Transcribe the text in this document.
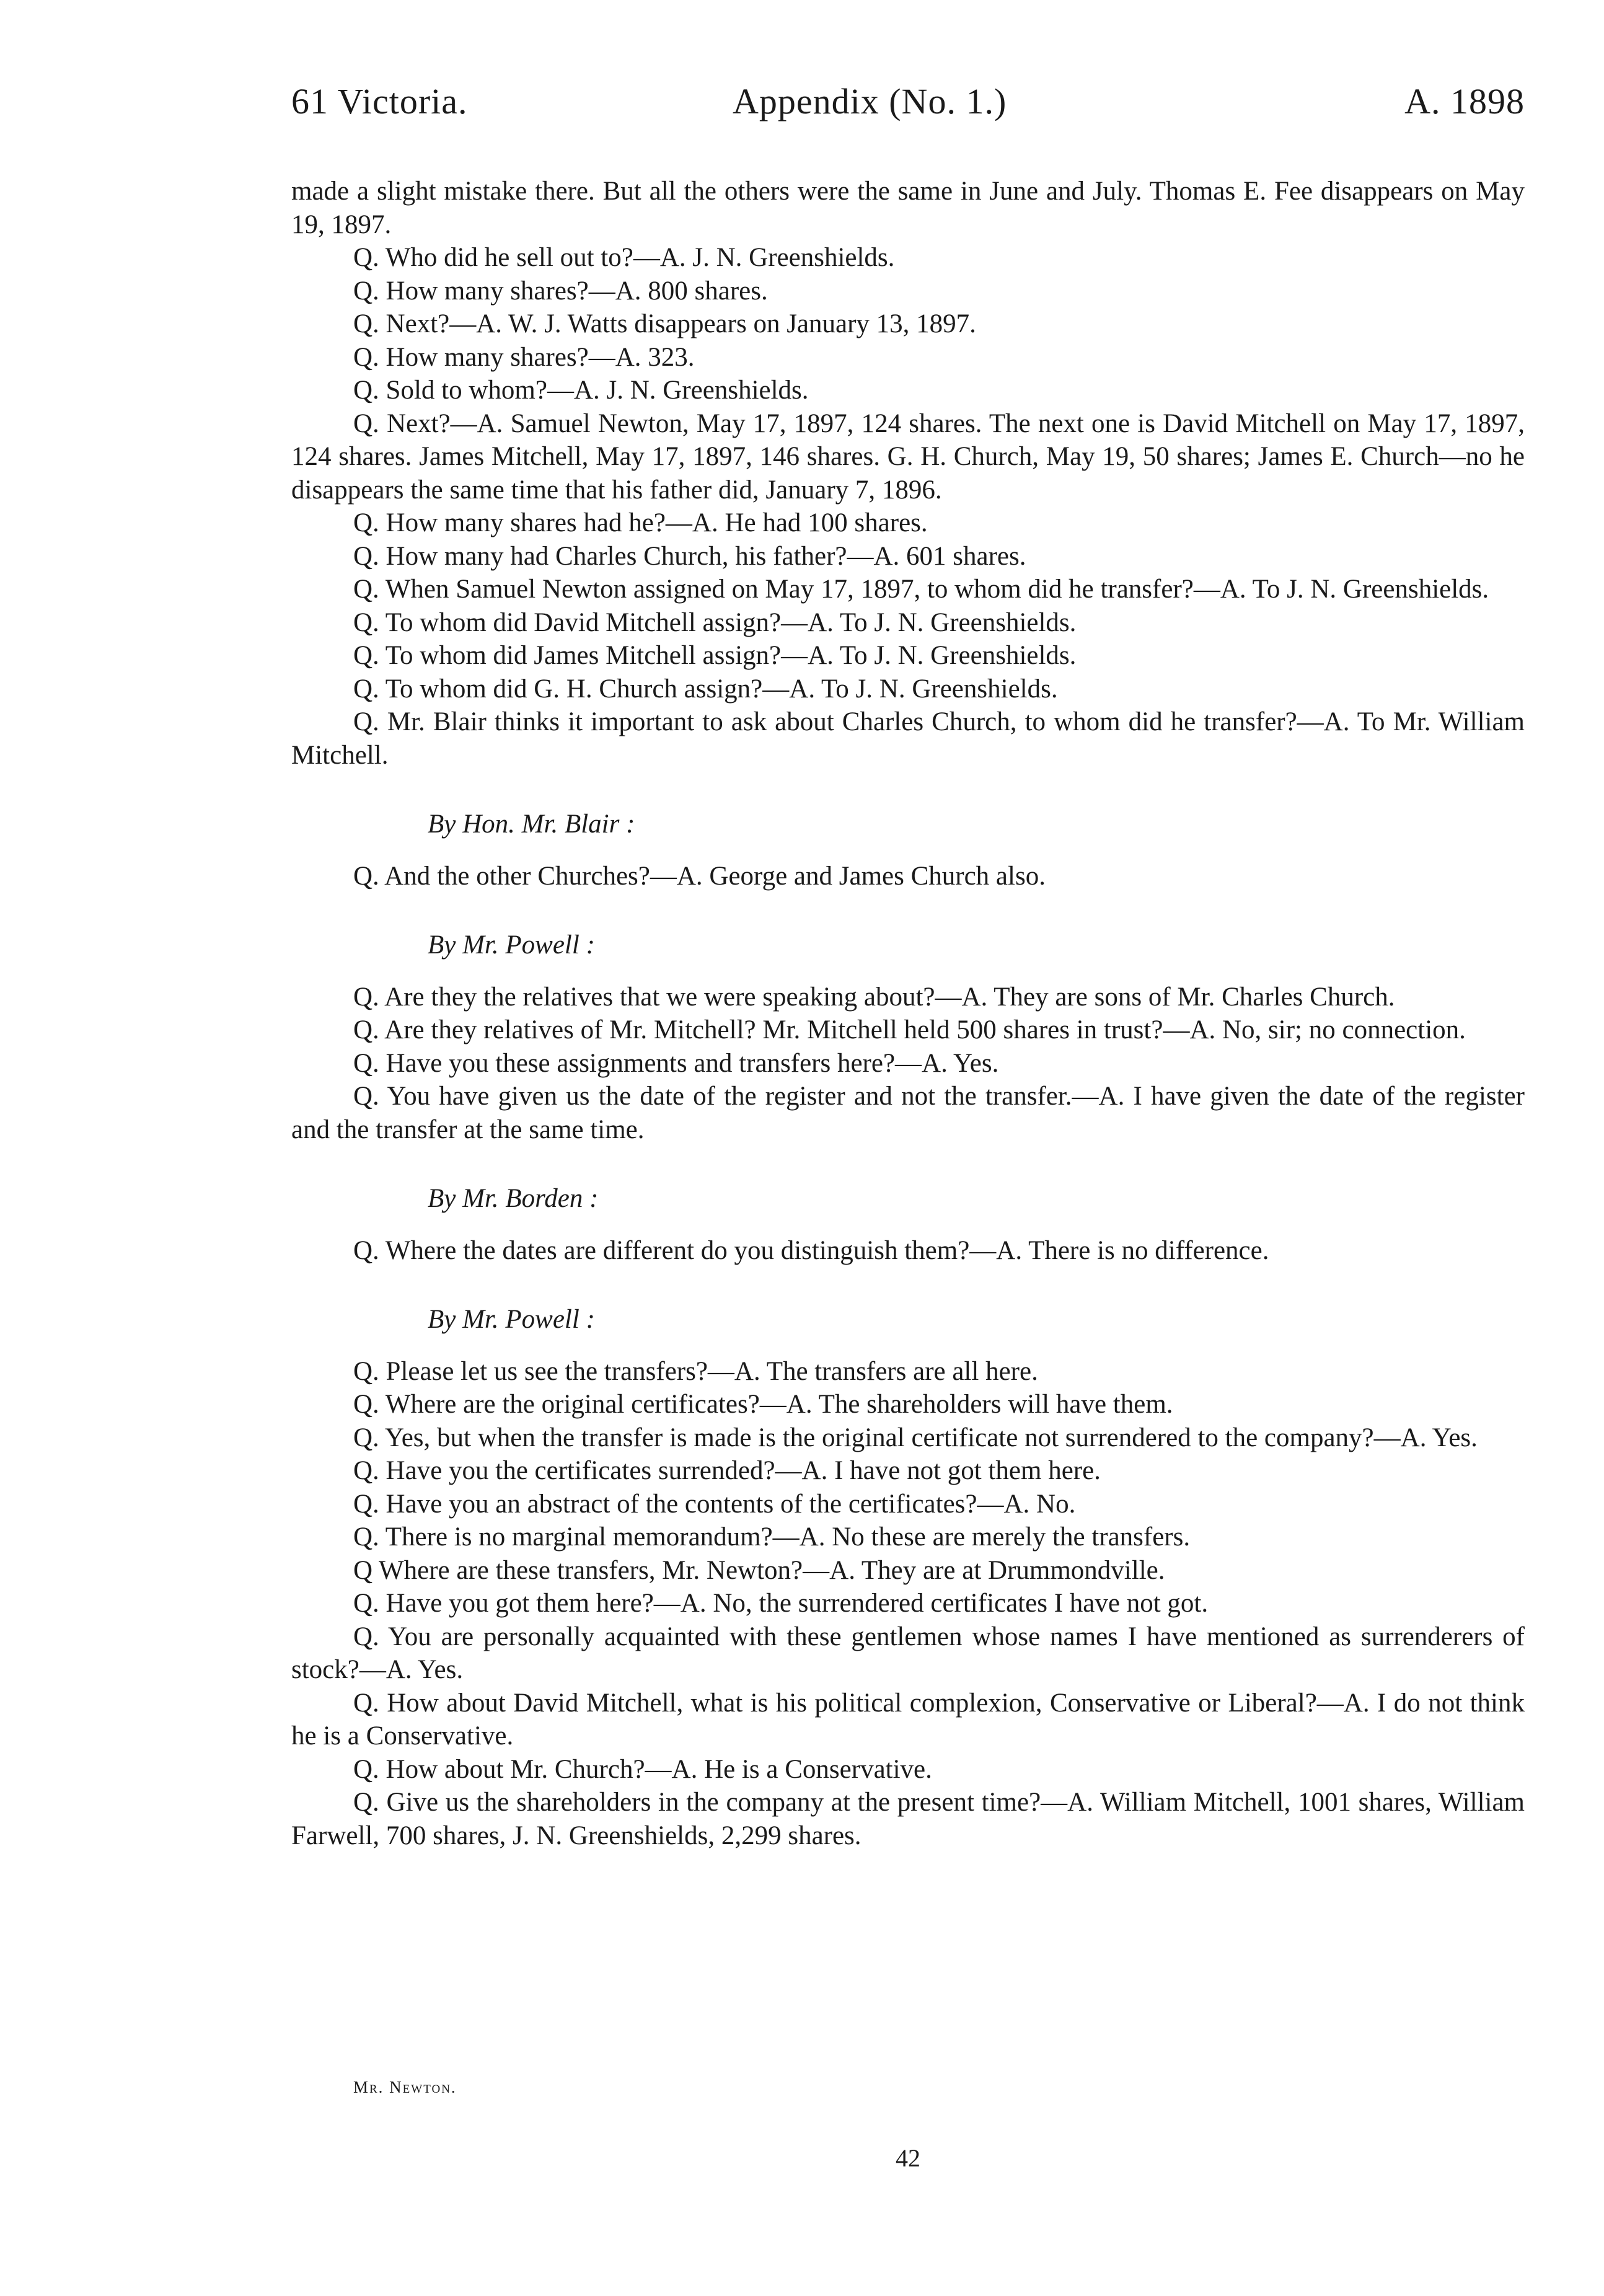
61 Victoria.	Appendix (No. 1.)	A. 1898

made a slight mistake there. But all the others were the same in June and July. Thomas E. Fee disappears on May 19, 1897.

Q. Who did he sell out to?—A. J. N. Greenshields.

Q. How many shares?—A. 800 shares.

Q. Next?—A. W. J. Watts disappears on January 13, 1897.

Q. How many shares?—A. 323.

Q. Sold to whom?—A. J. N. Greenshields.

Q. Next?—A. Samuel Newton, May 17, 1897, 124 shares. The next one is David Mitchell on May 17, 1897, 124 shares. James Mitchell, May 17, 1897, 146 shares. G. H. Church, May 19, 50 shares; James E. Church—no he disappears the same time that his father did, January 7, 1896.

Q. How many shares had he?—A. He had 100 shares.

Q. How many had Charles Church, his father?—A. 601 shares.

Q. When Samuel Newton assigned on May 17, 1897, to whom did he transfer?—A. To J. N. Greenshields.

Q. To whom did David Mitchell assign?—A. To J. N. Greenshields.

Q. To whom did James Mitchell assign?—A. To J. N. Greenshields.

Q. To whom did G. H. Church assign?—A. To J. N. Greenshields.

Q. Mr. Blair thinks it important to ask about Charles Church, to whom did he transfer?—A. To Mr. William Mitchell.

By Hon. Mr. Blair :

Q. And the other Churches?—A. George and James Church also.

By Mr. Powell :

Q. Are they the relatives that we were speaking about?—A. They are sons of Mr. Charles Church.

Q. Are they relatives of Mr. Mitchell? Mr. Mitchell held 500 shares in trust?—A. No, sir; no connection.

Q. Have you these assignments and transfers here?—A. Yes.

Q. You have given us the date of the register and not the transfer.—A. I have given the date of the register and the transfer at the same time.

By Mr. Borden :

Q. Where the dates are different do you distinguish them?—A. There is no difference.

By Mr. Powell :

Q. Please let us see the transfers?—A. The transfers are all here.

Q. Where are the original certificates?—A. The shareholders will have them.

Q. Yes, but when the transfer is made is the original certificate not surrendered to the company?—A. Yes.

Q. Have you the certificates surrended?—A. I have not got them here.

Q. Have you an abstract of the contents of the certificates?—A. No.

Q. There is no marginal memorandum?—A. No these are merely the transfers.

Q Where are these transfers, Mr. Newton?—A. They are at Drummondville.

Q. Have you got them here?—A. No, the surrendered certificates I have not got.

Q. You are personally acquainted with these gentlemen whose names I have mentioned as surrenderers of stock?—A. Yes.

Q. How about David Mitchell, what is his political complexion, Conservative or Liberal?—A. I do not think he is a Conservative.

Q. How about Mr. Church?—A. He is a Conservative.

Q. Give us the shareholders in the company at the present time?—A. William Mitchell, 1001 shares, William Farwell, 700 shares, J. N. Greenshields, 2,299 shares.

Mr. Newton.
42
